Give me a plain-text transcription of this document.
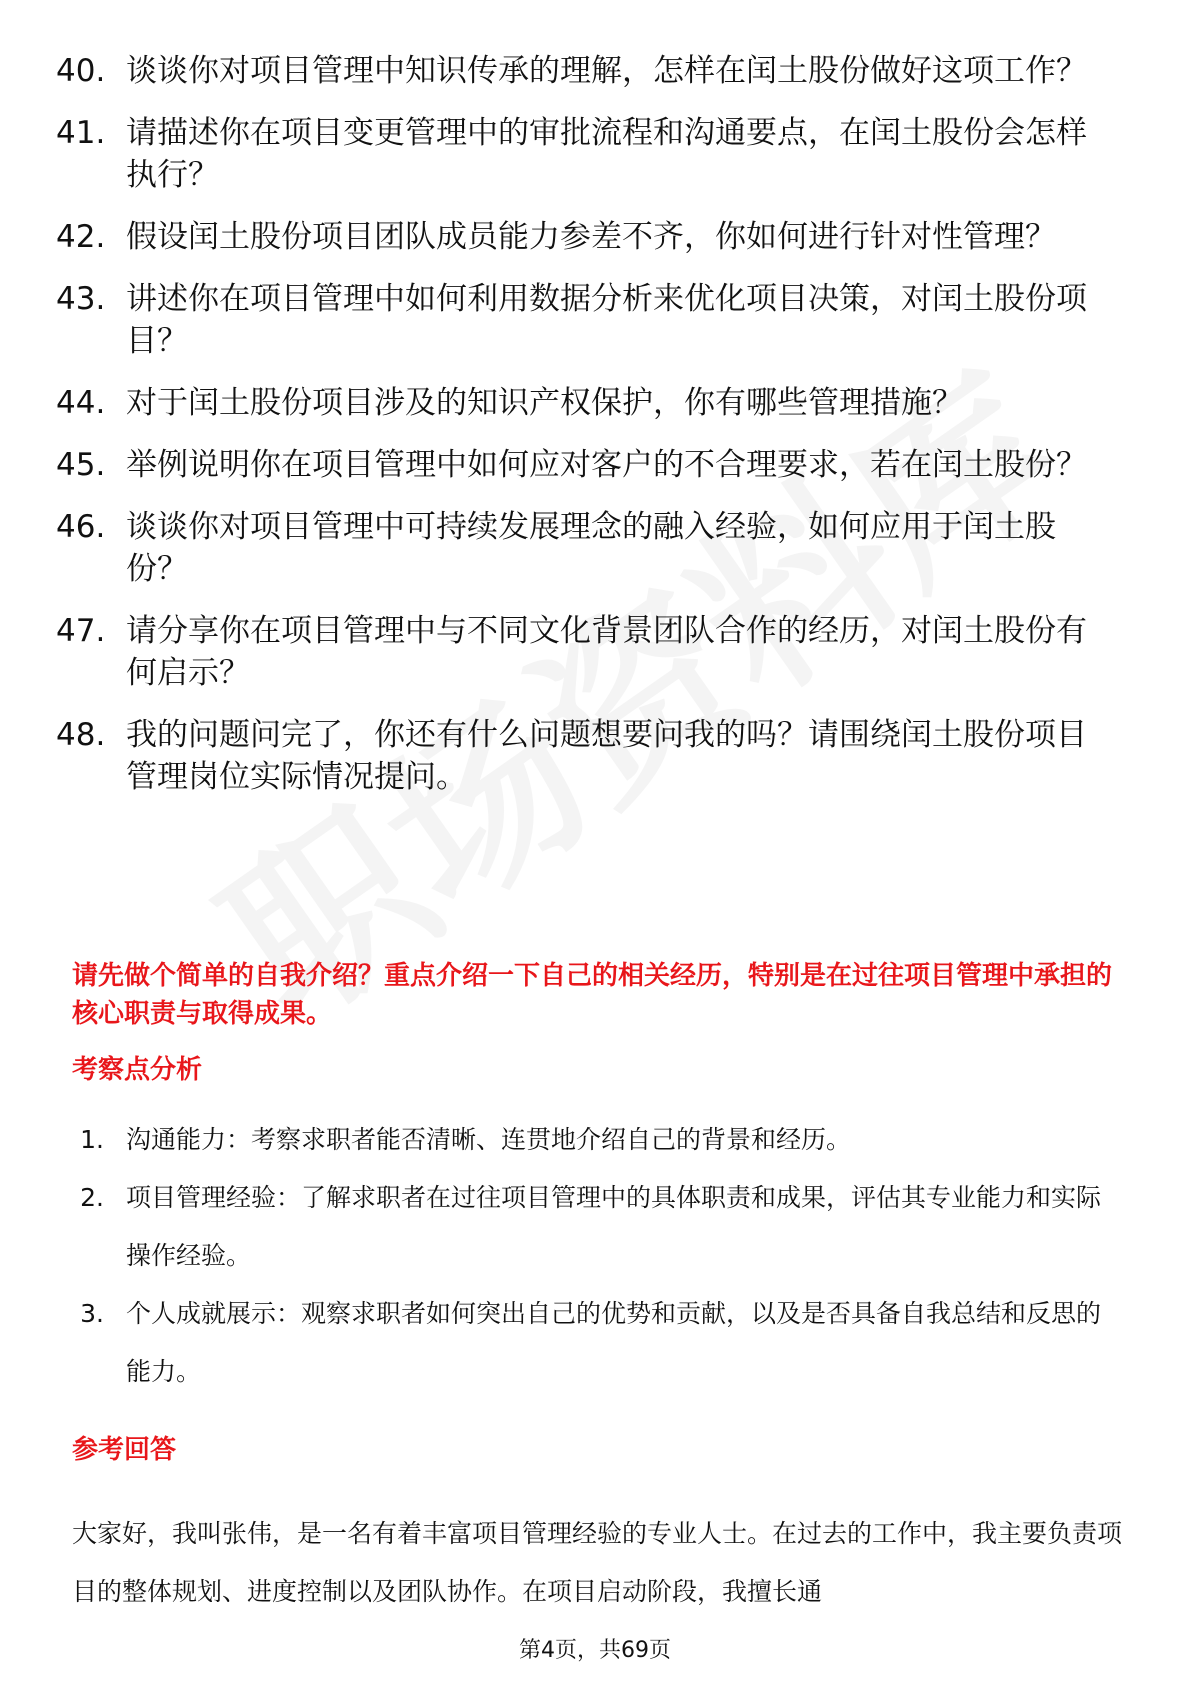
40. 谈谈你对项目管理中知识传承的理解，怎样在闰土股份做好这项工作？
41. 请描述你在项目变更管理中的审批流程和沟通要点，在闰土股份会怎样执行？
42. 假设闰土股份项目团队成员能力参差不齐，你如何进行针对性管理？
43. 讲述你在项目管理中如何利用数据分析来优化项目决策，对闰土股份项目？
44. 对于闰土股份项目涉及的知识产权保护，你有哪些管理措施？
45. 举例说明你在项目管理中如何应对客户的不合理要求，若在闰土股份？
46. 谈谈你对项目管理中可持续发展理念的融入经验，如何应用于闰土股份？
47. 请分享你在项目管理中与不同文化背景团队合作的经历，对闰土股份有何启示？
48. 我的问题问完了，你还有什么问题想要问我的吗？请围绕闰土股份项目管理岗位实际情况提问。

请先做个简单的自我介绍？重点介绍一下自己的相关经历，特别是在过往项目管理中承担的核心职责与取得成果。

考察点分析
1. 沟通能力：考察求职者能否清晰、连贯地介绍自己的背景和经历。
2. 项目管理经验：了解求职者在过往项目管理中的具体职责和成果，评估其专业能力和实际操作经验。
3. 个人成就展示：观察求职者如何突出自己的优势和贡献，以及是否具备自我总结和反思的能力。
参考回答

大家好，我叫张伟，是一名有着丰富项目管理经验的专业人士。在过去的工作中，我主要负责项目的整体规划、进度控制以及团队协作。在项目启动阶段，我擅长通

第4页，共69页
